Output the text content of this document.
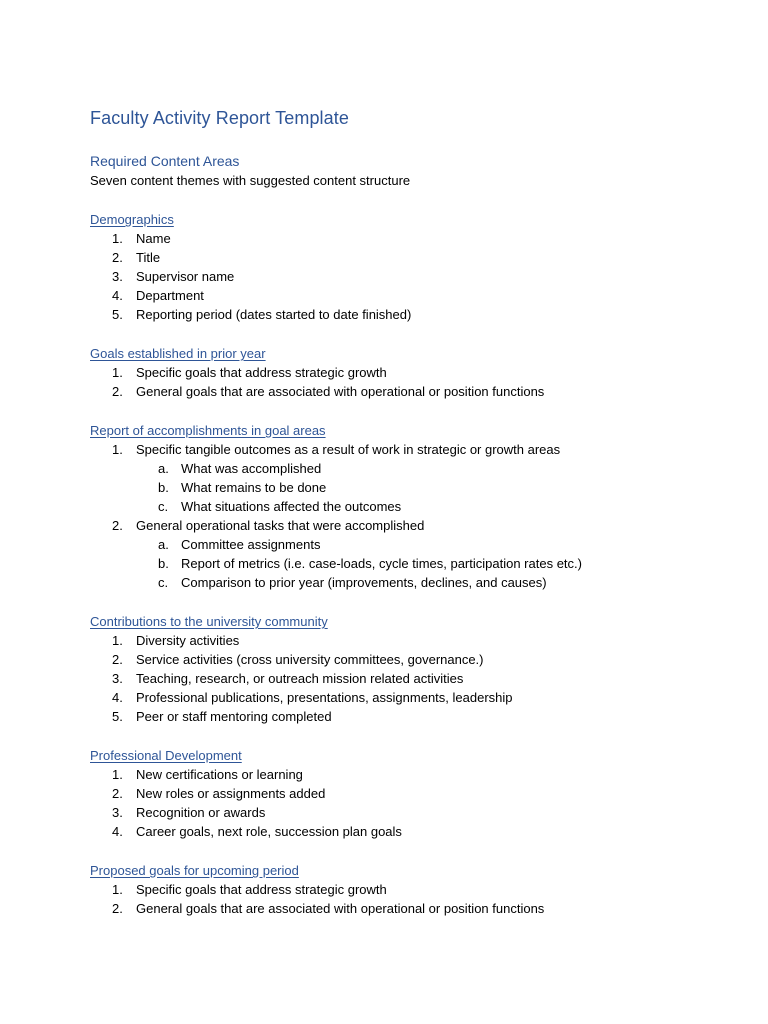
Faculty Activity Report Template
Required Content Areas

Seven content themes with suggested content structure

Demographics
1.	Name
2.	Title
3.	Supervisor name
4.	Department
5.	Reporting period (dates started to date finished)
Goals established in prior year
1.	Specific goals that address strategic growth
2.	General goals that are associated with operational or position functions
Report of accomplishments in goal areas
1.	Specific tangible outcomes as a result of work in strategic or growth areas
a. What was accomplished
b. What remains to be done
c. What situations affected the outcomes
2.	General operational tasks that were accomplished
a. Committee assignments
b. Report of metrics (i.e. case-loads, cycle times, participation rates etc.)
c. Comparison to prior year (improvements, declines, and causes)
Contributions to the university community
1.	Diversity activities
2.	Service activities (cross university committees, governance.)
3.	Teaching, research, or outreach mission related activities
4.	Professional publications, presentations, assignments, leadership
5.	Peer or staff mentoring completed
Professional Development
1.	New certifications or learning
2.	New roles or assignments added
3.	Recognition or awards
4.	Career goals, next role, succession plan goals
Proposed goals for upcoming period
1.	Specific goals that address strategic growth
2.	General goals that are associated with operational or position functions
